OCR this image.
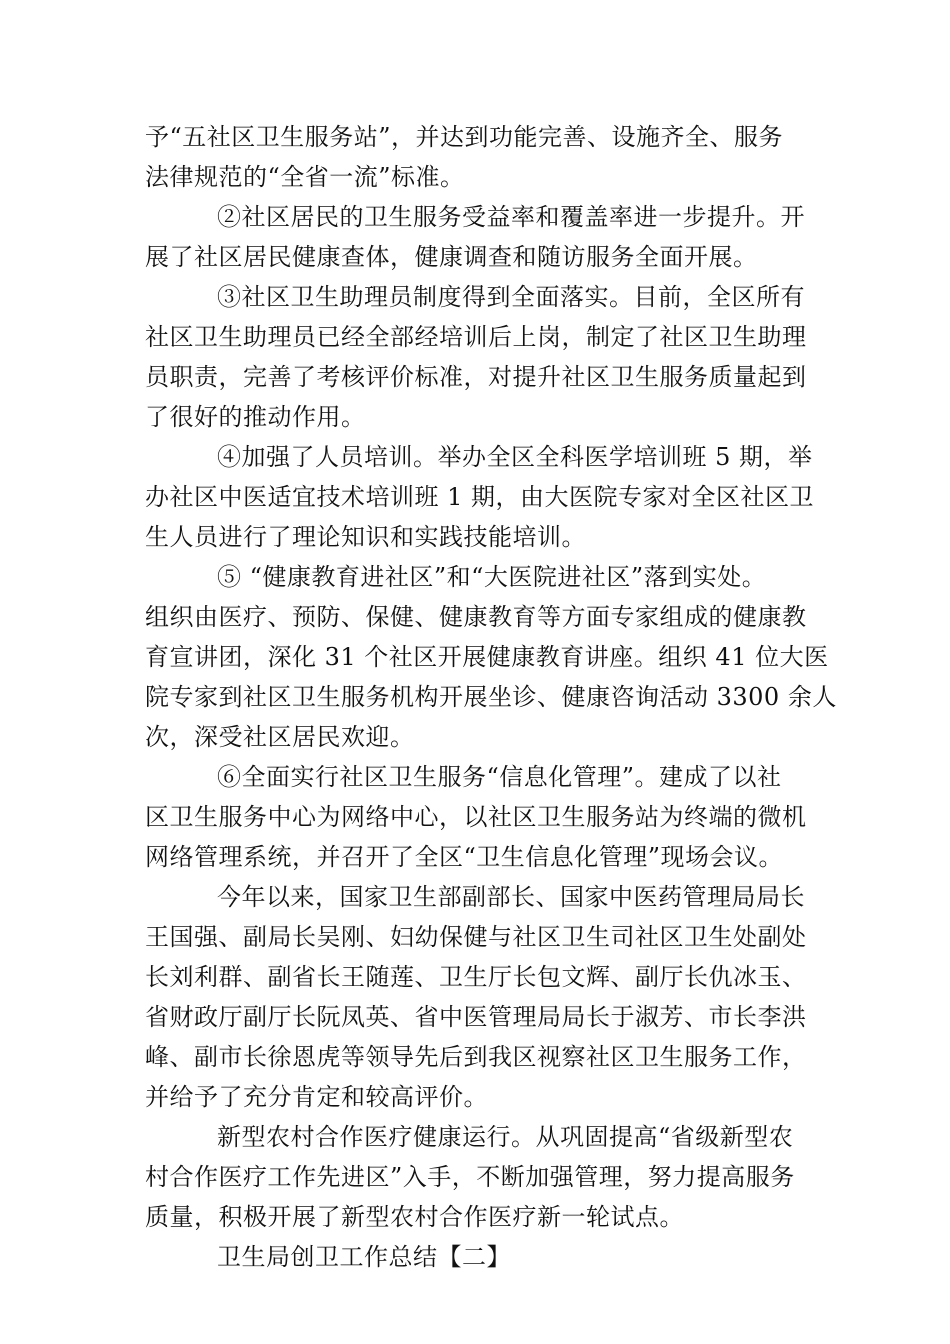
予“五社区卫生服务站”，并达到功能完善、设施齐全、服务
法律规范的“全省一流”标准。

②社区居民的卫生服务受益率和覆盖率进一步提升。开
展了社区居民健康查体，健康调查和随访服务全面开展。

③社区卫生助理员制度得到全面落实。目前，全区所有
社区卫生助理员已经全部经培训后上岗，制定了社区卫生助理
员职责，完善了考核评价标准，对提升社区卫生服务质量起到
了很好的推动作用。

④加强了人员培训。举办全区全科医学培训班 5 期，举
办社区中医适宜技术培训班 1 期，由大医院专家对全区社区卫
生人员进行了理论知识和实践技能培训。

⑤ “健康教育进社区”和“大医院进社区”落到实处。
组织由医疗、预防、保健、健康教育等方面专家组成的健康教
育宣讲团，深化 31 个社区开展健康教育讲座。组织 41 位大医
院专家到社区卫生服务机构开展坐诊、健康咨询活动 3300 余人
次，深受社区居民欢迎。

⑥全面实行社区卫生服务“信息化管理”。建成了以社
区卫生服务中心为网络中心，以社区卫生服务站为终端的微机
网络管理系统，并召开了全区“卫生信息化管理”现场会议。

今年以来，国家卫生部副部长、国家中医药管理局局长
王国强、副局长吴刚、妇幼保健与社区卫生司社区卫生处副处
长刘利群、副省长王随莲、卫生厅长包文辉、副厅长仇冰玉、
省财政厅副厅长阮凤英、省中医管理局局长于淑芳、市长李洪
峰、副市长徐恩虎等领导先后到我区视察社区卫生服务工作，
并给予了充分肯定和较高评价。

新型农村合作医疗健康运行。从巩固提高“省级新型农
村合作医疗工作先进区”入手，不断加强管理，努力提高服务
质量，积极开展了新型农村合作医疗新一轮试点。

卫生局创卫工作总结【二】
